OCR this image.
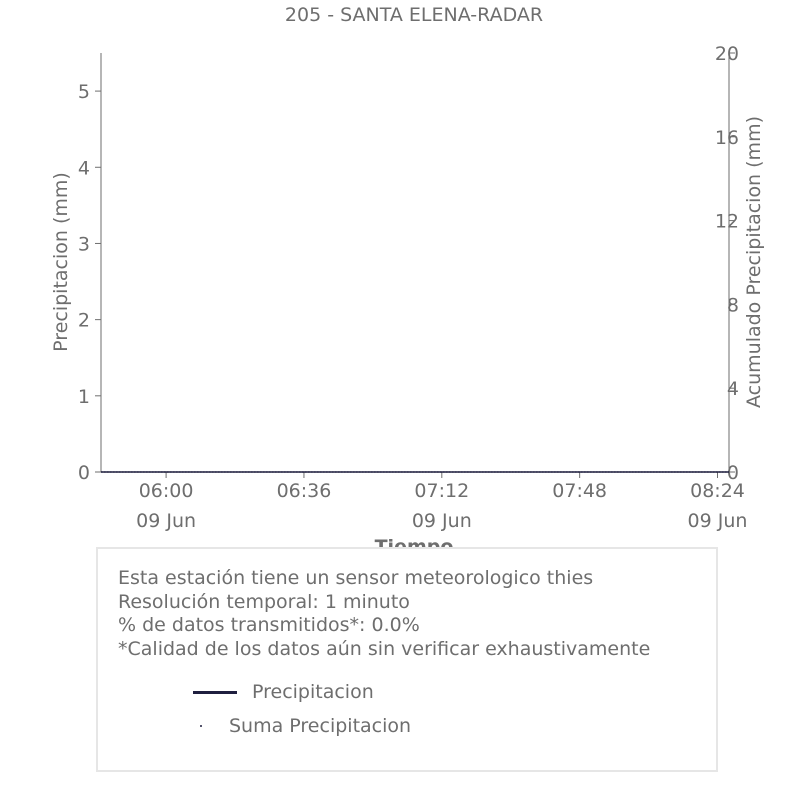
205 - SANTA ELENA-RADAR
0
1
2
3
4
5
0
4
8
12
16
20
06:00
09 Jun
06:36	07:12
09 Jun
07:48	08:24
09 Jun
Precipitacion (mm)	Acumulado Precipitacion (mm)
Esta estación tiene un sensor meteorologico thies
Resolución temporal: 1 minuto
% de datos transmitidos*: 0.0%
*Calidad de los datos aún sin verificar exhaustivamente
Precipitacion
Suma Precipitacion
